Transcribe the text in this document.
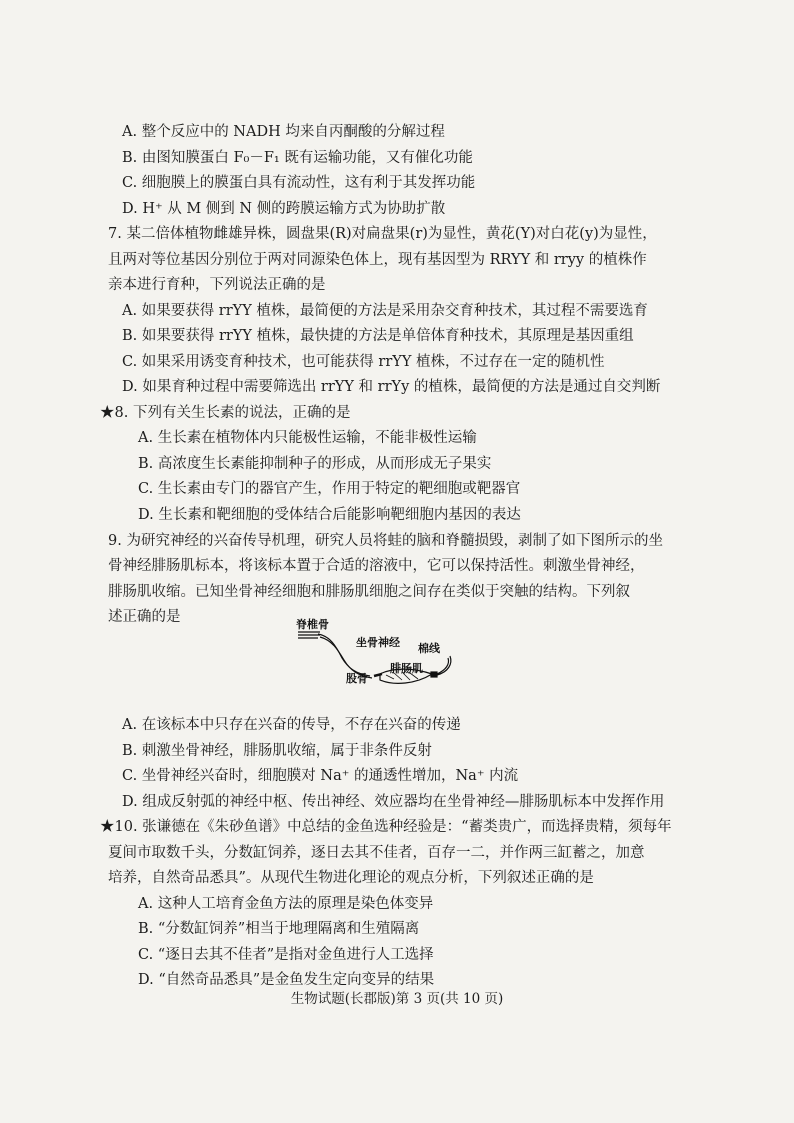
A. 整个反应中的 NADH 均来自丙酮酸的分解过程
B. 由图知膜蛋白 F₀－F₁ 既有运输功能，又有催化功能
C. 细胞膜上的膜蛋白具有流动性，这有利于其发挥功能
D. H⁺ 从 M 侧到 N 侧的跨膜运输方式为协助扩散
7. 某二倍体植物雌雄异株，圆盘果(R)对扁盘果(r)为显性，黄花(Y)对白花(y)为显性，
且两对等位基因分别位于两对同源染色体上，现有基因型为 RRYY 和 rryy 的植株作
亲本进行育种，下列说法正确的是
A. 如果要获得 rrYY 植株，最简便的方法是采用杂交育种技术，其过程不需要选育
B. 如果要获得 rrYY 植株，最快捷的方法是单倍体育种技术，其原理是基因重组
C. 如果采用诱变育种技术，也可能获得 rrYY 植株，不过存在一定的随机性
D. 如果育种过程中需要筛选出 rrYY 和 rrYy 的植株，最简便的方法是通过自交判断
★8. 下列有关生长素的说法，正确的是
A. 生长素在植物体内只能极性运输，不能非极性运输
B. 高浓度生长素能抑制种子的形成，从而形成无子果实
C. 生长素由专门的器官产生，作用于特定的靶细胞或靶器官
D. 生长素和靶细胞的受体结合后能影响靶细胞内基因的表达
9. 为研究神经的兴奋传导机理，研究人员将蛙的脑和脊髓损毁，剥制了如下图所示的坐
骨神经腓肠肌标本，将该标本置于合适的溶液中，它可以保持活性。刺激坐骨神经，
腓肠肌收缩。已知坐骨神经细胞和腓肠肌细胞之间存在类似于突触的结构。下列叙
述正确的是	脊椎骨
坐骨神经 棉线
腓肠肌
股骨
A. 在该标本中只存在兴奋的传导，不存在兴奋的传递
B. 刺激坐骨神经，腓肠肌收缩，属于非条件反射
C. 坐骨神经兴奋时，细胞膜对 Na⁺ 的通透性增加，Na⁺ 内流
D. 组成反射弧的神经中枢、传出神经、效应器均在坐骨神经—腓肠肌标本中发挥作用
★10. 张谦德在《朱砂鱼谱》中总结的金鱼选种经验是：“蓄类贵广，而选择贵精，须每年
夏间市取数千头，分数缸饲养，逐日去其不佳者，百存一二，并作两三缸蓄之，加意
培养，自然奇品悉具”。从现代生物进化理论的观点分析，下列叙述正确的是
A. 这种人工培育金鱼方法的原理是染色体变异
B. “分数缸饲养”相当于地理隔离和生殖隔离
C. “逐日去其不佳者”是指对金鱼进行人工选择
D. “自然奇品悉具”是金鱼发生定向变异的结果
生物试题(长郡版)第 3 页(共 10 页)
